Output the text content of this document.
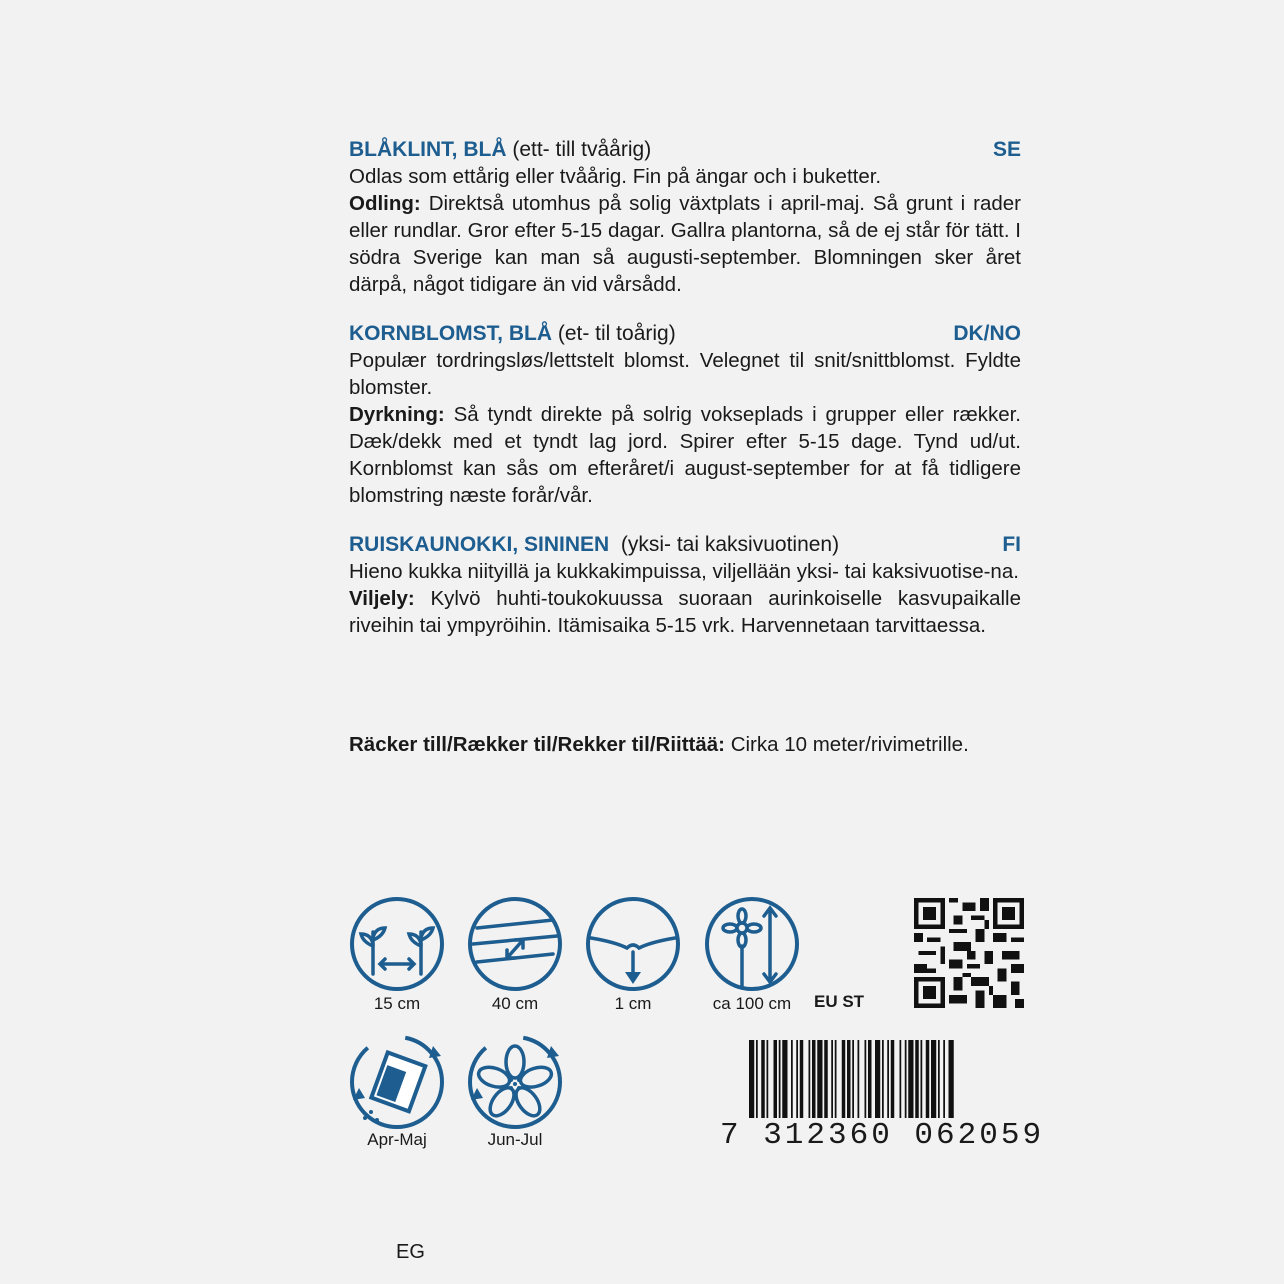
BLÅKLINT, BLÅ (ett- till tvåårig)	SE

Odlas som ettårig eller tvåårig. Fin på ängar och i buketter.

Odling: Direktså utomhus på solig växtplats i april-maj. Så grunt i rader eller rundlar. Gror efter 5-15 dagar. Gallra plantorna, så de ej står för tätt. I södra Sverige kan man så augusti-september. Blomningen sker året därpå, något tidigare än vid vårsådd.

KORNBLOMST, BLÅ (et- til toårig)	DK/NO

Populær tordringsløs/lettstelt blomst. Velegnet til snit/snittblomst. Fyldte blomster.

Dyrkning: Så tyndt direkte på solrig vokseplads i grupper eller rækker. Dæk/dekk med et tyndt lag jord. Spirer efter 5-15 dage. Tynd ud/ut. Kornblomst kan sås om efteråret/i august-september for at få tidligere blomstring næste forår/vår.

RUISKAUNOKKI, SININEN (yksi- tai kaksivuotinen)	FI

Hieno kukka niityillä ja kukkakimpuissa, viljellään yksi- tai kaksivuotise-na.

Viljely: Kylvö huhti-toukokuussa suoraan aurinkoiselle kasvupaikalle riveihin tai ympyröihin. Itämisaika 5-15 vrk. Harvennetaan tarvittaessa.

Räcker till/Rækker til/Rekker til/Riittää: Cirka 10 meter/rivimetrille.
15 cm	40 cm	1 cm	ca 100 cm	EU ST
Apr-Maj	Jun-Jul	7 312360 062059
EG
